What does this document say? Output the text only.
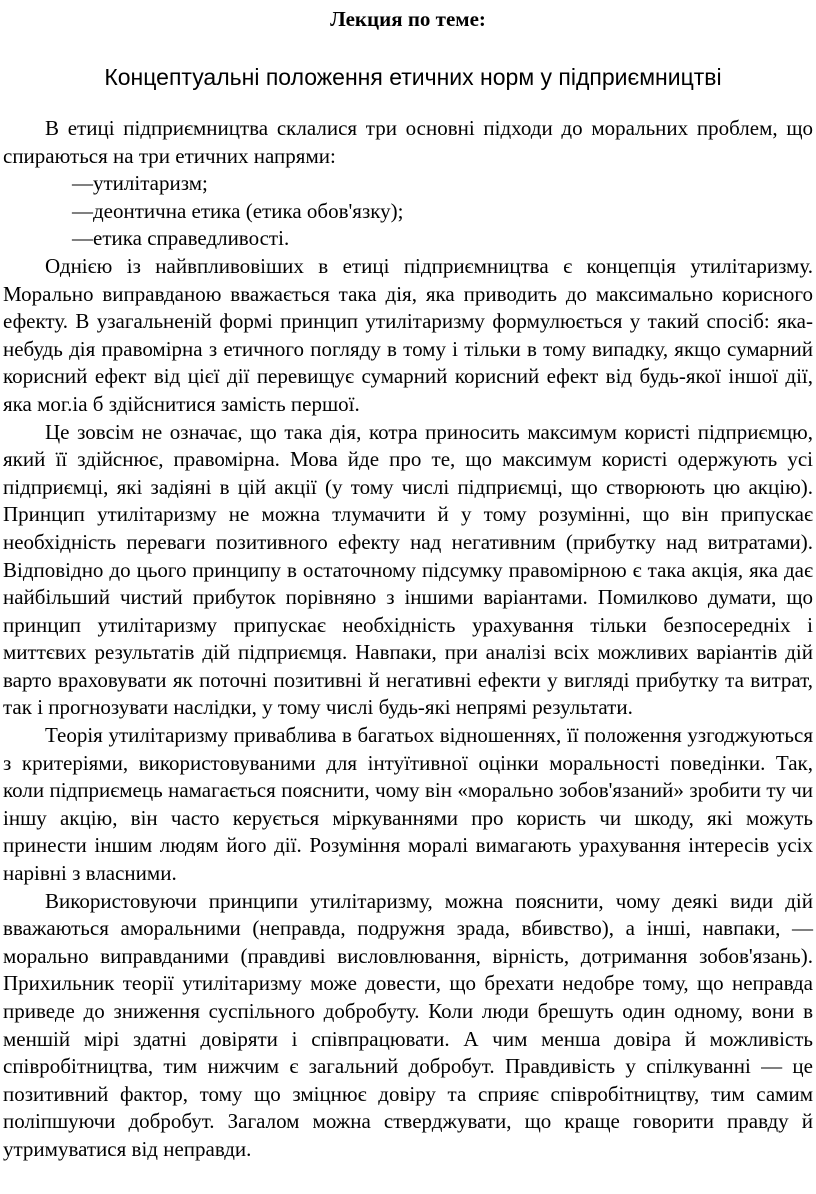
Лекция по теме:
Концептуальні положення етичних норм у підприємництві

В етиці підприємництва склалися три основні підходи до моральних проблем, що спираються на три етичних напрями:

—утилітаризм;

—деонтична етика (етика обов'язку);

—етика справедливості.

Однією із найвпливовіших в етиці підприємництва є концепція утилітаризму. Морально виправданою вважається така дія, яка приводить до максимально корисного ефекту. В узагальненій формі принцип утилітаризму формулюється у такий спосіб: яка-небудь дія правомірна з етичного погляду в тому і тільки в тому випадку, якщо сумарний корисний ефект від цієї дії перевищує сумарний корисний ефект від будь-якої іншої дії, яка мог.іа б здійснитися замість першої.

Це зовсім не означає, що така дія, котра приносить максимум користі підприємцю, який її здійснює, правомірна. Мова йде про те, що максимум користі одержують усі підприємці, які задіяні в цій акції (у тому числі підприємці, що створюють цю акцію). Принцип утилітаризму не можна тлумачити й у тому розумінні, що він припускає необхідність переваги позитивного ефекту над негативним (прибутку над витратами). Відповідно до цього принципу в остаточному підсумку правомірною є така акція, яка дає найбільший чистий прибуток порівняно з іншими варіантами. Помилково думати, що принцип утилітаризму припускає необхідність урахування тільки безпосередніх і миттєвих результатів дій підприємця. Навпаки, при аналізі всіх можливих варіантів дій варто враховувати як поточні позитивні й негативні ефекти у вигляді прибутку та витрат, так і прогнозувати наслідки, у тому числі будь-які непрямі результати.

Теорія утилітаризму приваблива в багатьох відношеннях, її положення узгоджуються з критеріями, використовуваними для інтуїтивної оцінки моральності поведінки. Так, коли підприємець намагається пояснити, чому він «морально зобов'язаний» зробити ту чи іншу акцію, він часто керується міркуваннями про користь чи шкоду, які можуть принести іншим людям його дії. Розуміння моралі вимагають урахування інтересів усіх нарівні з власними.

Використовуючи принципи утилітаризму, можна пояснити, чому деякі види дій вважаються аморальними (неправда, подружня зрада, вбивство), а інші, навпаки, — морально виправданими (правдиві висловлювання, вірність, дотримання зобов'язань). Прихильник теорії утилітаризму може довести, що брехати недобре тому, що неправда приведе до зниження суспільного добробуту. Коли люди брешуть один одному, вони в меншій мірі здатні довіряти і співпрацювати. А чим менша довіра й можливість співробітництва, тим нижчим є загальний добробут. Правдивість у спілкуванні — це позитивний фактор, тому що зміцнює довіру та сприяє співробітництву, тим самим поліпшуючи добробут. Загалом можна стверджувати, що краще говорити правду й утримуватися від неправди.
